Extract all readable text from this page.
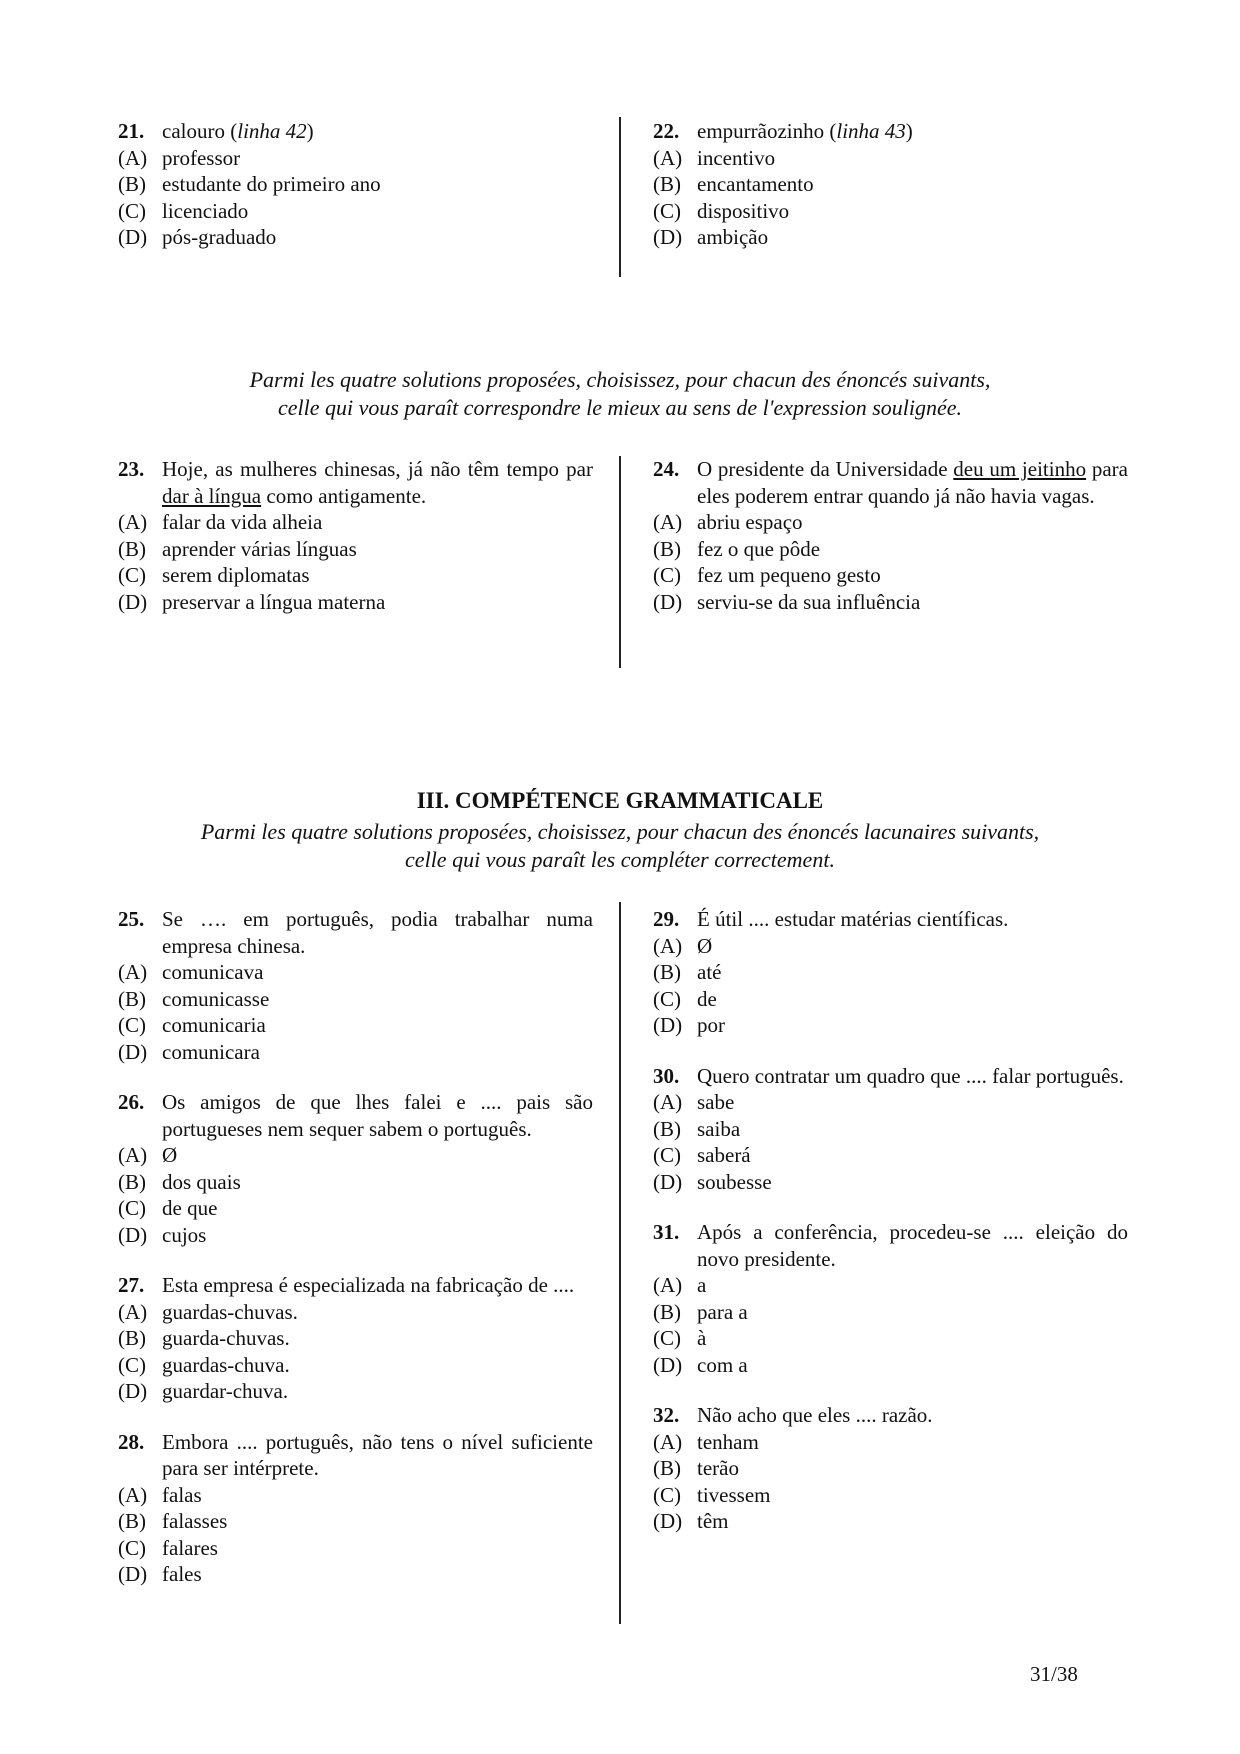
21. calouro (linha 42)
(A) professor
(B) estudante do primeiro ano
(C) licenciado
(D) pós-graduado
22. empurrãozinho (linha 43)
(A) incentivo
(B) encantamento
(C) dispositivo
(D) ambição
Parmi les quatre solutions proposées, choisissez, pour chacun des énoncés suivants,
celle qui vous paraît correspondre le mieux au sens de l'expression soulignée.
23. Hoje, as mulheres chinesas, já não têm tempo par dar à língua como antigamente.
(A) falar da vida alheia
(B) aprender várias línguas
(C) serem diplomatas
(D) preservar a língua materna
24. O presidente da Universidade deu um jeitinho para eles poderem entrar quando já não havia vagas.
(A) abriu espaço
(B) fez o que pôde
(C) fez um pequeno gesto
(D) serviu-se da sua influência
III. COMPÉTENCE GRAMMATICALE
Parmi les quatre solutions proposées, choisissez, pour chacun des énoncés lacunaires suivants,
celle qui vous paraît les compléter correctement.
25. Se …. em português, podia trabalhar numa empresa chinesa.
(A) comunicava
(B) comunicasse
(C) comunicaria
(D) comunicara
26. Os amigos de que lhes falei e .... pais são portugueses nem sequer sabem o português.
(A) Ø
(B) dos quais
(C) de que
(D) cujos
27. Esta empresa é especializada na fabricação de ....
(A) guardas-chuvas.
(B) guarda-chuvas.
(C) guardas-chuva.
(D) guardar-chuva.
28. Embora .... português, não tens o nível suficiente para ser intérprete.
(A) falas
(B) falasses
(C) falares
(D) fales
29. É útil .... estudar matérias científicas.
(A) Ø
(B) até
(C) de
(D) por
30. Quero contratar um quadro que .... falar português.
(A) sabe
(B) saiba
(C) saberá
(D) soubesse
31. Após a conferência, procedeu-se .... eleição do novo presidente.
(A) a
(B) para a
(C) à
(D) com a
32. Não acho que eles .... razão.
(A) tenham
(B) terão
(C) tivessem
(D) têm
31/38
